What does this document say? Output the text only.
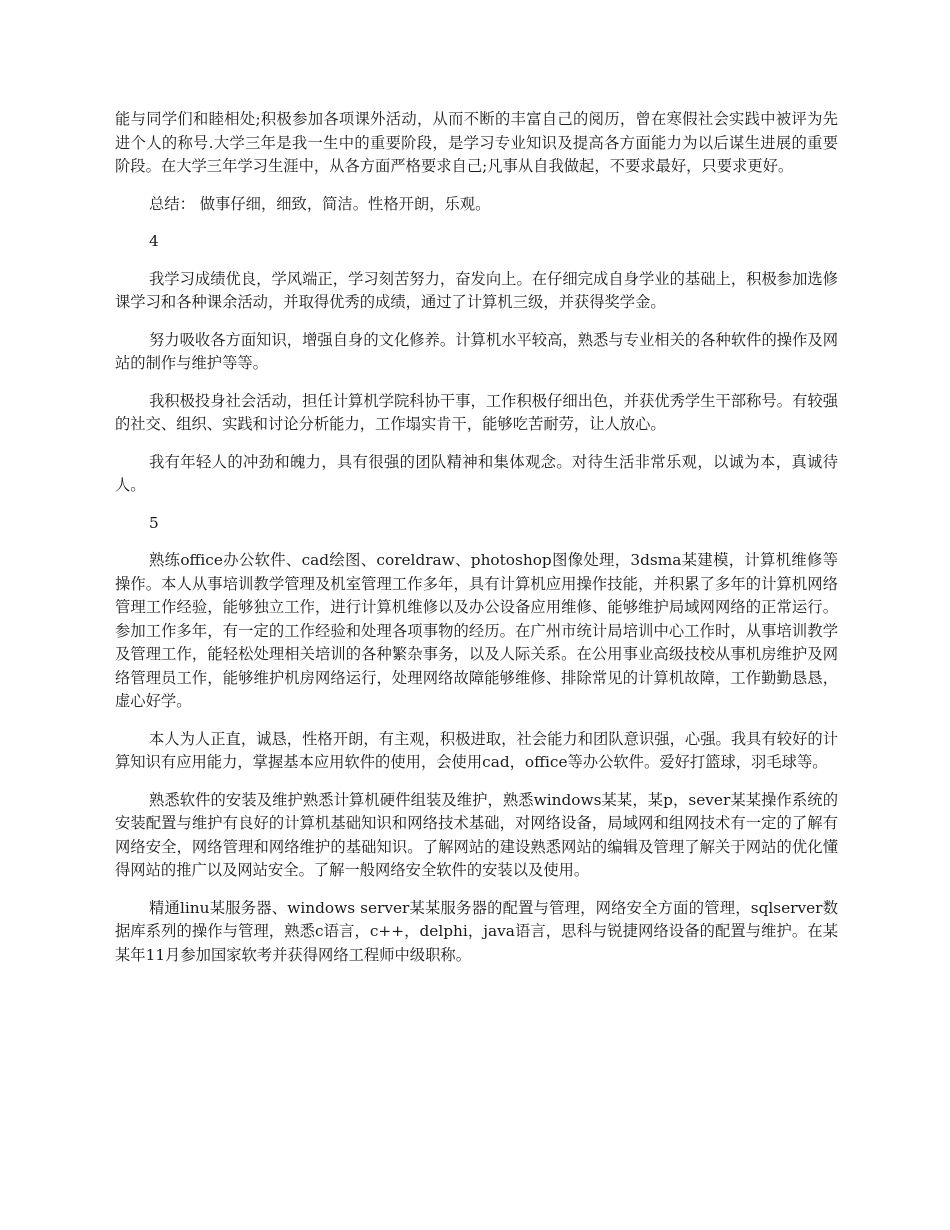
能与同学们和睦相处;积极参加各项课外活动，从而不断的丰富自己的阅历，曾在寒假社会实践中被评为先进个人的称号.大学三年是我一生中的重要阶段，是学习专业知识及提高各方面能力为以后谋生进展的重要阶段。在大学三年学习生涯中，从各方面严格要求自己;凡事从自我做起，不要求最好，只要求更好。

总结： 做事仔细，细致，简洁。性格开朗，乐观。

4

我学习成绩优良，学风端正，学习刻苦努力，奋发向上。在仔细完成自身学业的基础上，积极参加选修课学习和各种课余活动，并取得优秀的成绩，通过了计算机三级，并获得奖学金。

努力吸收各方面知识，增强自身的文化修养。计算机水平较高，熟悉与专业相关的各种软件的操作及网站的制作与维护等等。

我积极投身社会活动，担任计算机学院科协干事，工作积极仔细出色，并获优秀学生干部称号。有较强的社交、组织、实践和讨论分析能力，工作塌实肯干，能够吃苦耐劳，让人放心。

我有年轻人的冲劲和魄力，具有很强的团队精神和集体观念。对待生活非常乐观，以诚为本，真诚待人。

5

熟练office办公软件、cad绘图、coreldraw、photoshop图像处理，3dsma某建模，计算机维修等操作。本人从事培训教学管理及机室管理工作多年，具有计算机应用操作技能，并积累了多年的计算机网络管理工作经验，能够独立工作，进行计算机维修以及办公设备应用维修、能够维护局域网网络的正常运行。参加工作多年，有一定的工作经验和处理各项事物的经历。在广州市统计局培训中心工作时，从事培训教学及管理工作，能轻松处理相关培训的各种繁杂事务，以及人际关系。在公用事业高级技校从事机房维护及网络管理员工作，能够维护机房网络运行，处理网络故障能够维修、排除常见的计算机故障，工作勤勤恳恳，虚心好学。

本人为人正直，诚恳，性格开朗，有主观，积极进取，社会能力和团队意识强，心强。我具有较好的计算知识有应用能力，掌握基本应用软件的使用，会使用cad，office等办公软件。爱好打篮球，羽毛球等。

熟悉软件的安装及维护熟悉计算机硬件组装及维护，熟悉windows某某，某p，sever某某操作系统的安装配置与维护有良好的计算机基础知识和网络技术基础，对网络设备，局域网和组网技术有一定的了解有网络安全，网络管理和网络维护的基础知识。了解网站的建设熟悉网站的编辑及管理了解关于网站的优化懂得网站的推广以及网站安全。了解一般网络安全软件的安装以及使用。

精通linu某服务器、windows server某某服务器的配置与管理，网络安全方面的管理，sqlserver数据库系列的操作与管理，熟悉c语言，c++，delphi，java语言，思科与锐捷网络设备的配置与维护。在某某年11月参加国家软考并获得网络工程师中级职称。
